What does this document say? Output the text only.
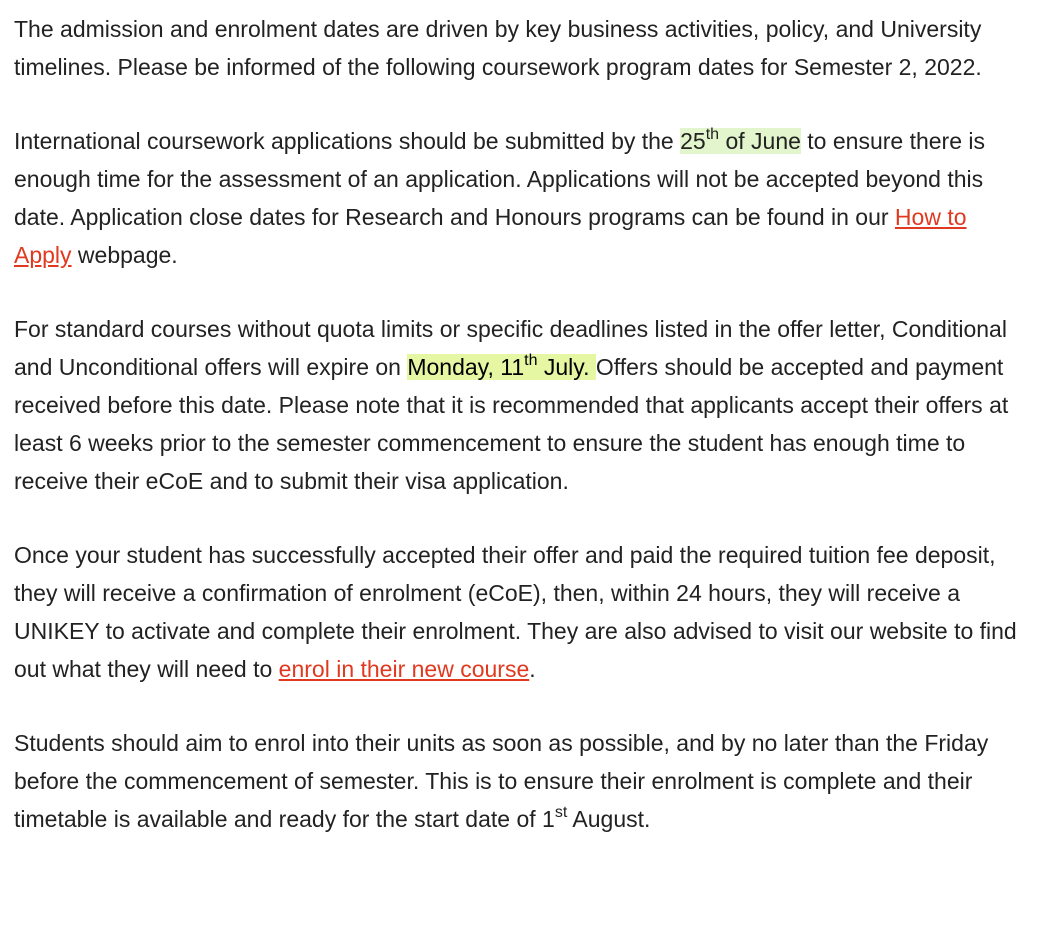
The admission and enrolment dates are driven by key business activities, policy, and University timelines. Please be informed of the following coursework program dates for Semester 2, 2022.

International coursework applications should be submitted by the 25th of June to ensure there is enough time for the assessment of an application. Applications will not be accepted beyond this date. Application close dates for Research and Honours programs can be found in our How to Apply webpage.

For standard courses without quota limits or specific deadlines listed in the offer letter, Conditional and Unconditional offers will expire on Monday, 11th July. Offers should be accepted and payment received before this date. Please note that it is recommended that applicants accept their offers at least 6 weeks prior to the semester commencement to ensure the student has enough time to receive their eCoE and to submit their visa application.

Once your student has successfully accepted their offer and paid the required tuition fee deposit, they will receive a confirmation of enrolment (eCoE), then, within 24 hours, they will receive a UNIKEY to activate and complete their enrolment. They are also advised to visit our website to find out what they will need to enrol in their new course.

Students should aim to enrol into their units as soon as possible, and by no later than the Friday before the commencement of semester. This is to ensure their enrolment is complete and their timetable is available and ready for the start date of 1st August.
